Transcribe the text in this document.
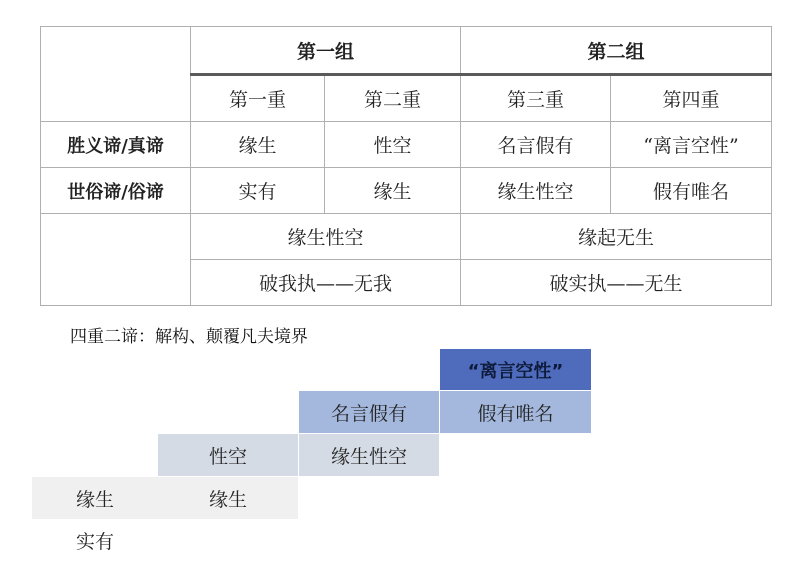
	第一组		第二组	
	第一重	第二重	第三重	第四重
胜义谛/真谛	缘生	性空	名言假有	“离言空性”
世俗谛/俗谛	实有	缘生	缘生性空	假有唯名
	缘生性空		缘起无生	
	破我执——无我		破实执——无生	
四重二谛：解构、颠覆凡夫境界
实有
缘生	缘生
性空	缘生性空
名言假有	假有唯名
“离言空性”
